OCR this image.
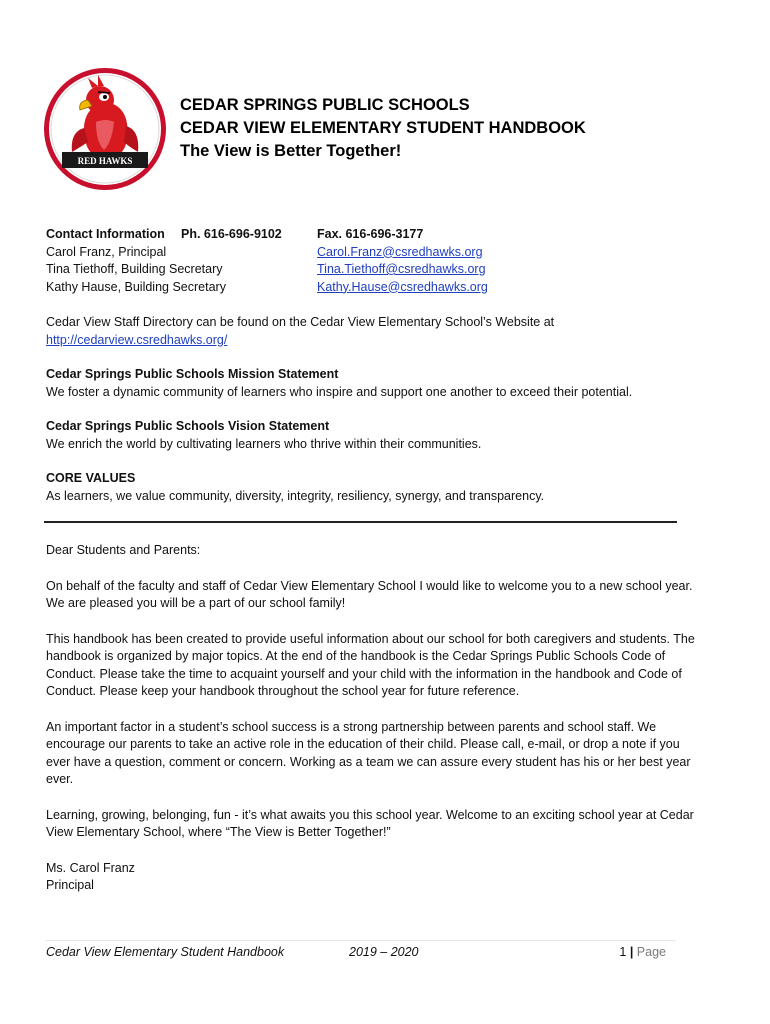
RED HAWKS
CEDAR SPRINGS PUBLIC SCHOOLS
CEDAR VIEW ELEMENTARY STUDENT HANDBOOK
The View is Better Together!
Contact Information Ph. 616-696-9102	Fax. 616-696-3177
Carol Franz, Principal	Carol.Franz@csredhawks.org
Tina Tiethoff, Building Secretary	Tina.Tiethoff@csredhawks.org
Kathy Hause, Building Secretary	Kathy.Hause@csredhawks.org
Cedar View Staff Directory can be found on the Cedar View Elementary School’s Website at
http://cedarview.csredhawks.org/
Cedar Springs Public Schools Mission Statement
We foster a dynamic community of learners who inspire and support one another to exceed their potential.
Cedar Springs Public Schools Vision Statement
We enrich the world by cultivating learners who thrive within their communities.
CORE VALUES
As learners, we value community, diversity, integrity, resiliency, synergy, and transparency.

Dear Students and Parents:

On behalf of the faculty and staff of Cedar View Elementary School I would like to welcome you to a new school year. We are pleased you will be a part of our school family!

This handbook has been created to provide useful information about our school for both caregivers and students. The handbook is organized by major topics. At the end of the handbook is the Cedar Springs Public Schools Code of Conduct. Please take the time to acquaint yourself and your child with the information in the handbook and Code of Conduct. Please keep your handbook throughout the school year for future reference.

An important factor in a student’s school success is a strong partnership between parents and school staff. We encourage our parents to take an active role in the education of their child. Please call, e-mail, or drop a note if you ever have a question, comment or concern. Working as a team we can assure every student has his or her best year ever.

Learning, growing, belonging, fun - it’s what awaits you this school year. Welcome to an exciting school year at Cedar View Elementary School, where “The View is Better Together!”

Ms. Carol Franz

Principal

Cedar View Elementary Student Handbook	2019 – 2020	1 | Page
